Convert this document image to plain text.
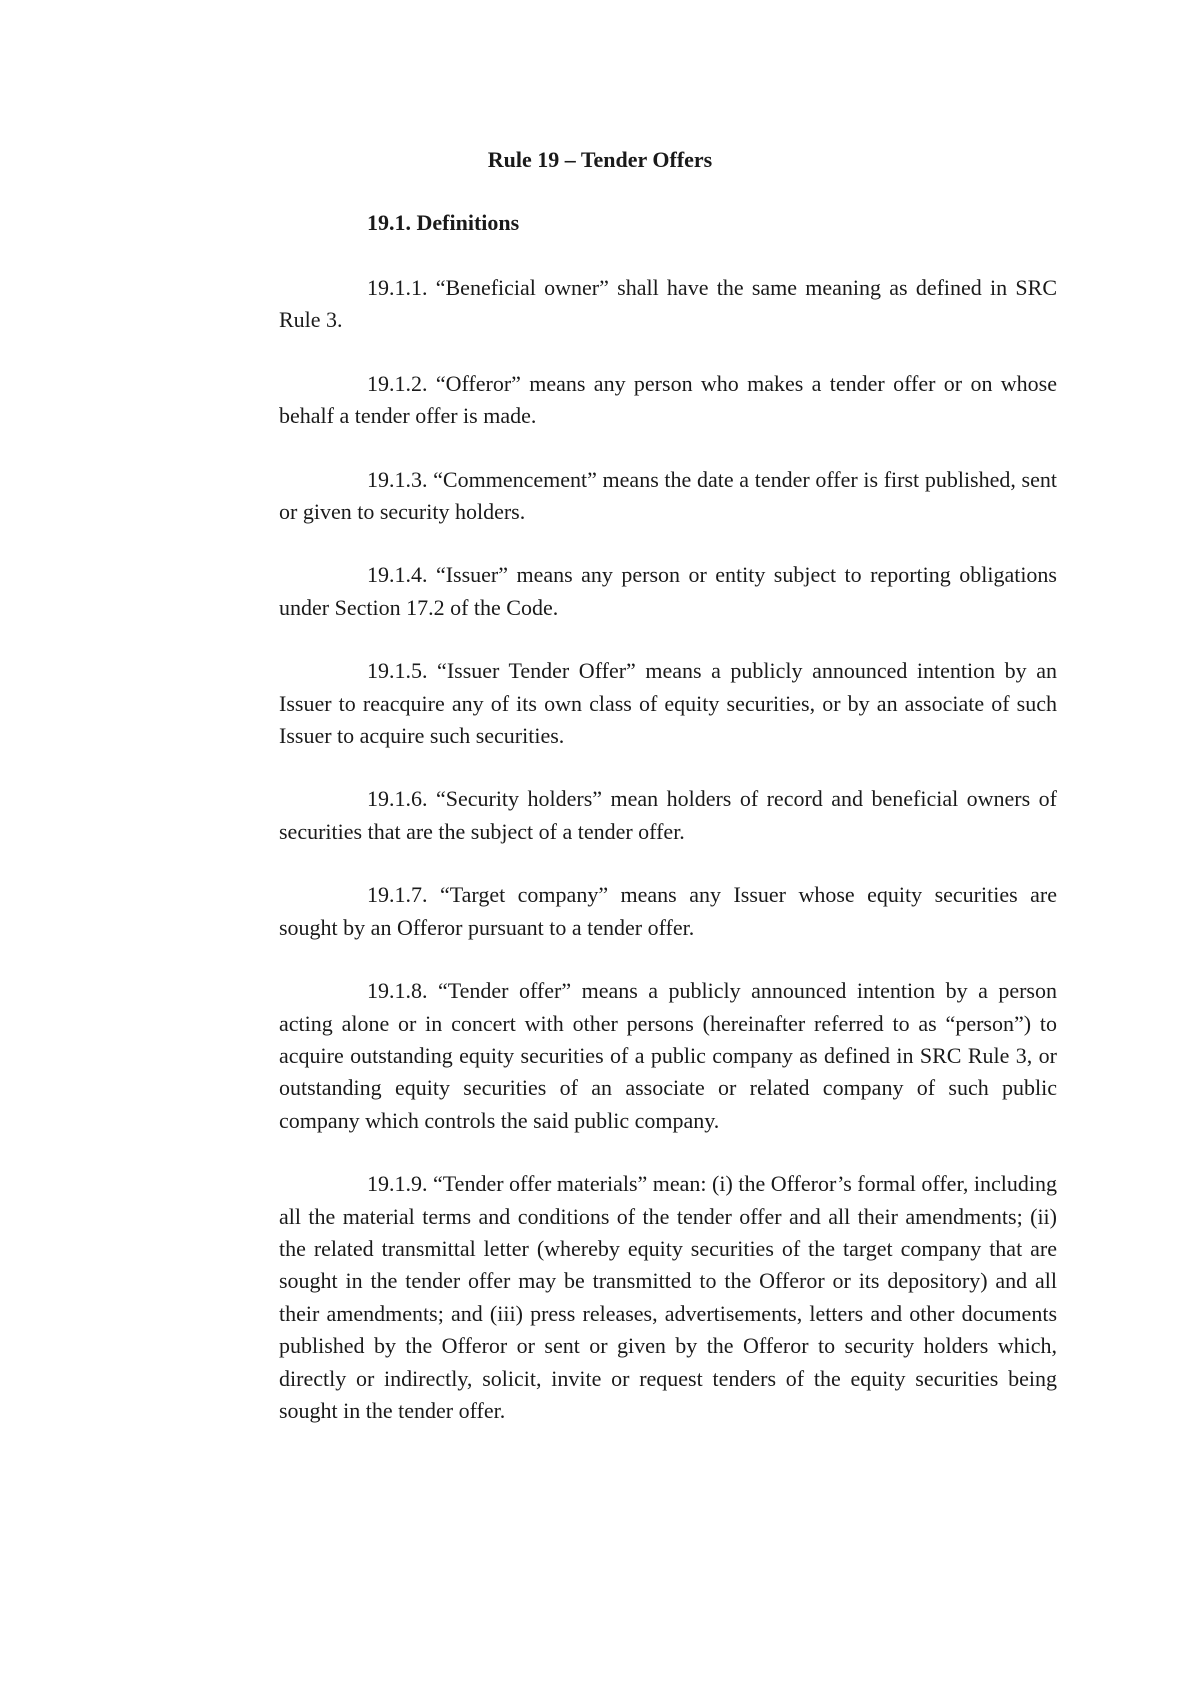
Rule 19 – Tender Offers
19.1. Definitions

19.1.1. “Beneficial owner” shall have the same meaning as defined in SRC Rule 3.

19.1.2. “Offeror” means any person who makes a tender offer or on whose behalf a tender offer is made.

19.1.3. “Commencement” means the date a tender offer is first published, sent or given to security holders.

19.1.4. “Issuer” means any person or entity subject to reporting obligations under Section 17.2 of the Code.

19.1.5. “Issuer Tender Offer” means a publicly announced intention by an Issuer to reacquire any of its own class of equity securities, or by an associate of such Issuer to acquire such securities.

19.1.6. “Security holders” mean holders of record and beneficial owners of securities that are the subject of a tender offer.

19.1.7. “Target company” means any Issuer whose equity securities are sought by an Offeror pursuant to a tender offer.

19.1.8. “Tender offer” means a publicly announced intention by a person acting alone or in concert with other persons (hereinafter referred to as “person”) to acquire outstanding equity securities of a public company as defined in SRC Rule 3, or outstanding equity securities of an associate or related company of such public company which controls the said public company.

19.1.9. “Tender offer materials” mean: (i) the Offeror’s formal offer, including all the material terms and conditions of the tender offer and all their amendments; (ii) the related transmittal letter (whereby equity securities of the target company that are sought in the tender offer may be transmitted to the Offeror or its depository) and all their amendments; and (iii) press releases, advertisements, letters and other documents published by the Offeror or sent or given by the Offeror to security holders which, directly or indirectly, solicit, invite or request tenders of the equity securities being sought in the tender offer.
